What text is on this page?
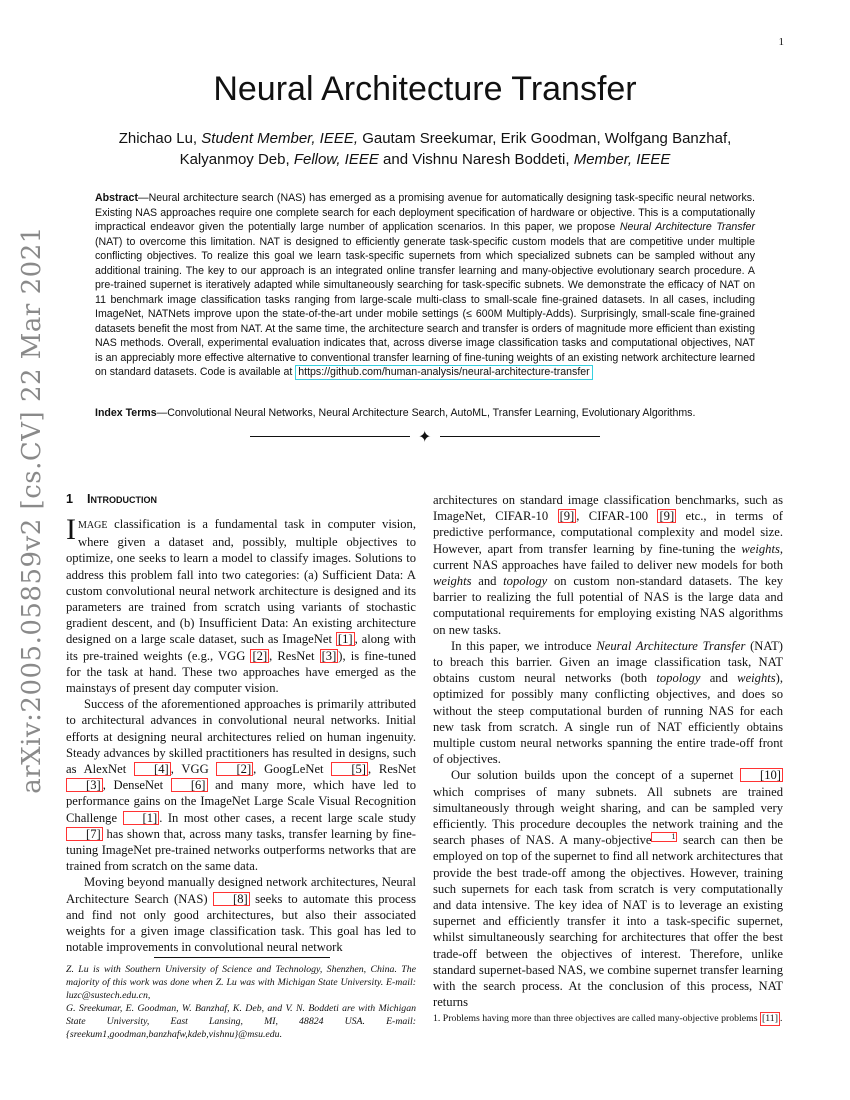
1
arXiv:2005.05859v2 [cs.CV] 22 Mar 2021
Neural Architecture Transfer
Zhichao Lu, Student Member, IEEE, Gautam Sreekumar, Erik Goodman, Wolfgang Banzhaf,
Kalyanmoy Deb, Fellow, IEEE and Vishnu Naresh Boddeti, Member, IEEE
Abstract—Neural architecture search (NAS) has emerged as a promising avenue for automatically designing task-specific neural networks. Existing NAS approaches require one complete search for each deployment specification of hardware or objective. This is a computationally impractical endeavor given the potentially large number of application scenarios. In this paper, we propose Neural Architecture Transfer (NAT) to overcome this limitation. NAT is designed to efficiently generate task-specific custom models that are competitive under multiple conflicting objectives. To realize this goal we learn task-specific supernets from which specialized subnets can be sampled without any additional training. The key to our approach is an integrated online transfer learning and many-objective evolutionary search procedure. A pre-trained supernet is iteratively adapted while simultaneously searching for task-specific subnets. We demonstrate the efficacy of NAT on 11 benchmark image classification tasks ranging from large-scale multi-class to small-scale fine-grained datasets. In all cases, including ImageNet, NATNets improve upon the state-of-the-art under mobile settings (≤ 600M Multiply-Adds). Surprisingly, small-scale fine-grained datasets benefit the most from NAT. At the same time, the architecture search and transfer is orders of magnitude more efficient than existing NAS methods. Overall, experimental evaluation indicates that, across diverse image classification tasks and computational objectives, NAT is an appreciably more effective alternative to conventional transfer learning of fine-tuning weights of an existing network architecture learned on standard datasets. Code is available at https://github.com/human-analysis/neural-architecture-transfer
Index Terms—Convolutional Neural Networks, Neural Architecture Search, AutoML, Transfer Learning, Evolutionary Algorithms.
✦
1 Introduction

IMAGE classification is a fundamental task in computer vision, where given a dataset and, possibly, multiple objectives to optimize, one seeks to learn a model to classify images. Solutions to address this problem fall into two categories: (a) Sufficient Data: A custom convolutional neural network architecture is designed and its parameters are trained from scratch using variants of stochastic gradient descent, and (b) Insufficient Data: An existing architecture designed on a large scale dataset, such as ImageNet [1] , along with its pre-trained weights (e.g., VGG [2] , ResNet [3] ), is fine-tuned for the task at hand. These two approaches have emerged as the mainstays of present day computer vision.

Success of the aforementioned approaches is primarily attributed to architectural advances in convolutional neural networks. Initial efforts at designing neural architectures relied on human ingenuity. Steady advances by skilled practitioners has resulted in designs, such as AlexNet [4] , VGG [2] , GoogLeNet [5] , ResNet [3] , DenseNet [6] and many more, which have led to performance gains on the ImageNet Large Scale Visual Recognition Challenge [1] . In most other cases, a recent large scale study [7] has shown that, across many tasks, transfer learning by fine-tuning ImageNet pre-trained networks outperforms networks that are trained from scratch on the same data.

Moving beyond manually designed network architectures, Neural Architecture Search (NAS) [8] seeks to automate this process and find not only good architectures, but also their associated weights for a given image classification task. This goal has led to notable improvements in convolutional neural network

Z. Lu is with Southern University of Science and Technology, Shenzhen, China. The majority of this work was done when Z. Lu was with Michigan State University. E-mail: luzc@sustech.edu.cn,

G. Sreekumar, E. Goodman, W. Banzhaf, K. Deb, and V. N. Boddeti are with Michigan State University, East Lansing, MI, 48824 USA. E-mail: {sreekum1,goodman,banzhafw,kdeb,vishnu}@msu.edu.

architectures on standard image classification benchmarks, such as ImageNet, CIFAR-10 [9] , CIFAR-100 [9] etc., in terms of predictive performance, computational complexity and model size. However, apart from transfer learning by fine-tuning the weights, current NAS approaches have failed to deliver new models for both weights and topology on custom non-standard datasets. The key barrier to realizing the full potential of NAS is the large data and computational requirements for employing existing NAS algorithms on new tasks.

In this paper, we introduce Neural Architecture Transfer (NAT) to breach this barrier. Given an image classification task, NAT obtains custom neural networks (both topology and weights), optimized for possibly many conflicting objectives, and does so without the steep computational burden of running NAS for each new task from scratch. A single run of NAT efficiently obtains multiple custom neural networks spanning the entire trade-off front of objectives.

Our solution builds upon the concept of a supernet [10] which comprises of many subnets. All subnets are trained simultaneously through weight sharing, and can be sampled very efficiently. This procedure decouples the network training and the search phases of NAS. A many-objective	1 search can then be employed on top of the supernet to find all network architectures that provide the best trade-off among the objectives. However, training such supernets for each task from scratch is very computationally and data intensive. The key idea of NAT is to leverage an existing supernet and efficiently transfer it into a task-specific supernet, whilst simultaneously searching for architectures that offer the best trade-off between the objectives of interest. Therefore, unlike standard supernet-based NAS, we combine supernet transfer learning with the search process. At the conclusion of this process, NAT returns

1. Problems having more than three objectives are called many-objective problems [11] .
